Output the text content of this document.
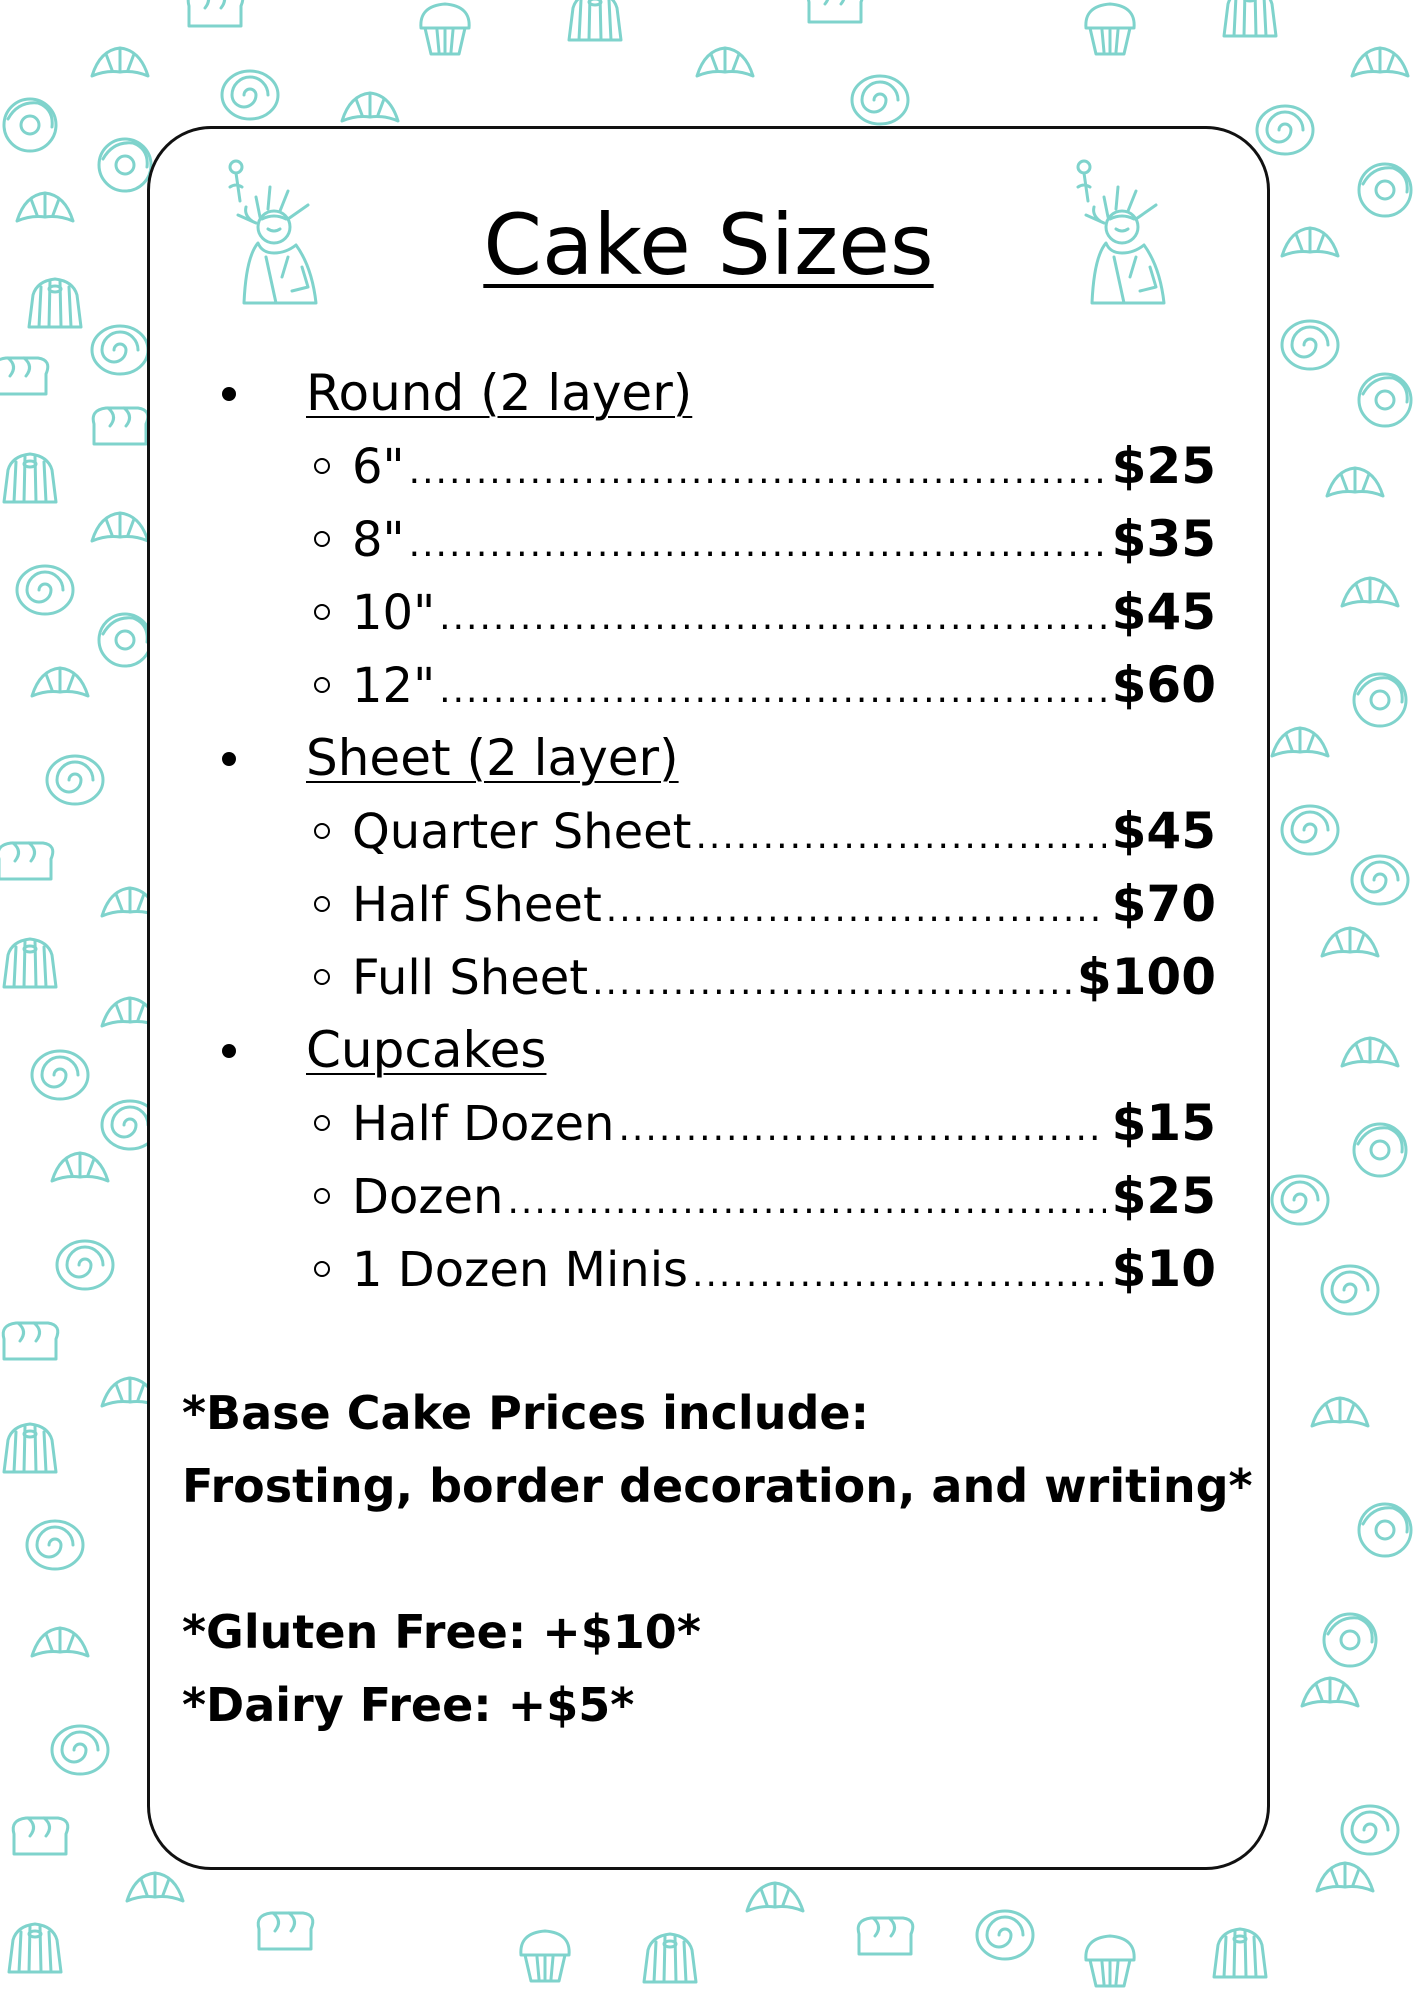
Cake Sizes
Round (2 layer)
6" .....	$25
8" .....	$35
10" .....	$45
12" .....	$60
Sheet (2 layer)
Quarter Sheet .....	$45
Half Sheet .....	$70
Full Sheet .....	$100
Cupcakes
Half Dozen .....	$15
Dozen .....	$25
1 Dozen Minis .....	$10
*Base Cake Prices include:
Frosting, border decoration, and writing*
*Gluten Free: +$10*
*Dairy Free: +$5*
